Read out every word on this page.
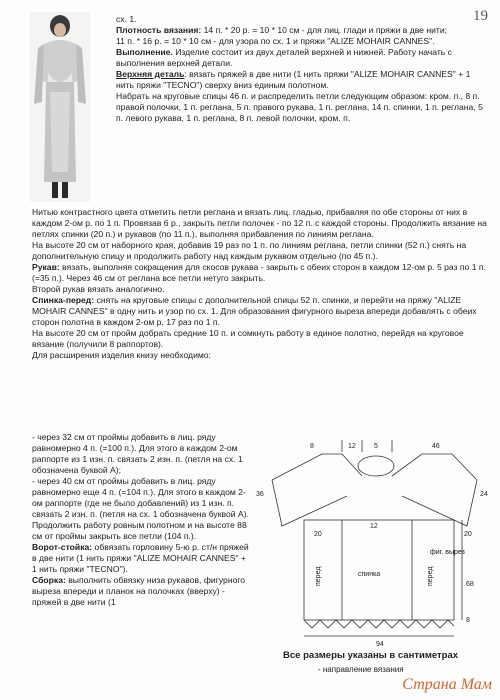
19

сх. 1.

Плотность вязания: 14 п. * 20 р. = 10 * 10 см - для лиц. глади и пряжи в две нити;

11 п. * 16 р. = 10 * 10 см - для узора по сх. 1 и пряжи "ALIZE MOHAIR CANNES".

Выполнение. Изделие состоит из двух деталей верхней и нижней. Работу начать с выполнения верхней детали.

Верхняя деталь: вязать пряжей в две нити (1 нить пряжи "ALIZE MOHAIR CANNES" + 1 нить пряжи "TECNO") сверху вниз единым полотном.

Набрать на круговые спицы 46 п. и распределить петли следующим образом: кром. п., 8 п. правой полочки, 1 п. реглана, 5 п. правого рукава, 1 п. реглана, 14 п. спинки, 1 п. реглана, 5 п. левого рукава, 1 п. реглана, 8 п. левой полочки, кром. п.

Нитью контрастного цвета отметить петли реглана и вязать лиц. гладью, прибавляя по обе стороны от них в каждом 2-ом р. по 1 п. Провязав 6 р., закрыть петли полочек - по 12 п. с каждой стороны. Продолжить вязание на петлях спинки (20 п.) и рукавов (по 11 п.), выполняя прибавления по линиям реглана.

На высоте 20 см от наборного края, добавив 19 раз по 1 п. по линиям реглана, петли спинки (52 п.) снять на дополнительную спицу и продолжить работу над каждым рукавом отдельно (по 45 п.).

Рукав: вязать, выполняя сокращения для скосов рукава - закрыть с обеих сторон в каждом 12-ом р. 5 раз по 1 п. (=35 п.). Через 46 см от реглана все петли нетуго закрыть.

Второй рукав вязать аналогично.

Спинка-перед: снять на круговые спицы с дополнительной спицы 52 п. спинки, и перейти на пряжу "ALIZE MOHAIR CANNES" в одну нить и узор по сх. 1. Для образования фигурного выреза впереди добавлять с обеих сторон полотна в каждом 2-ом р. 17 раз по 1 п.

На высоте 20 см от пройм добрать средние 10 п. и сомкнуть работу в единое полотно, перейдя на круговое вязание (получили 8 раппортов).

Для расширения изделия книзу необходимо:

- через 32 см от проймы добавить в лиц. ряду равномерно 4 п. (=100 п.). Для этого в каждом 2-ом раппорте из 1 изн. п. связать 2 изн. п. (петля на сх. 1 обозначена буквой А);

- через 40 см от проймы добавить в лиц. ряду равномерно еще 4 п. (=104 п.). Для этого в каждом 2-ом раппорте (где не было добавлений) из 1 изн. п. связать 2 изн. п. (петля на сх. 1 обозначена буквой А).

Продолжить работу ровным полотном и на высоте 88 см от проймы закрыть все петли (104 п.).

Ворот-стойка: обвязать горловину 5-ю р. ст/н пряжей в две нити (1 нить пряжи "ALIZE MOHAIR CANNES" + 1 нить пряжи "TECNO").

Сборка: выполнить обвязку низа рукавов, фигурного выреза впереди и планок на полочках (вверху) - пряжей в две нити (1

8	12	5	46
36	24
20
12
20
перед	спинка	перед
фиг. вырез
68
8
94
Все размеры указаны в сантиметрах
- направление вязания
Страна Мам
